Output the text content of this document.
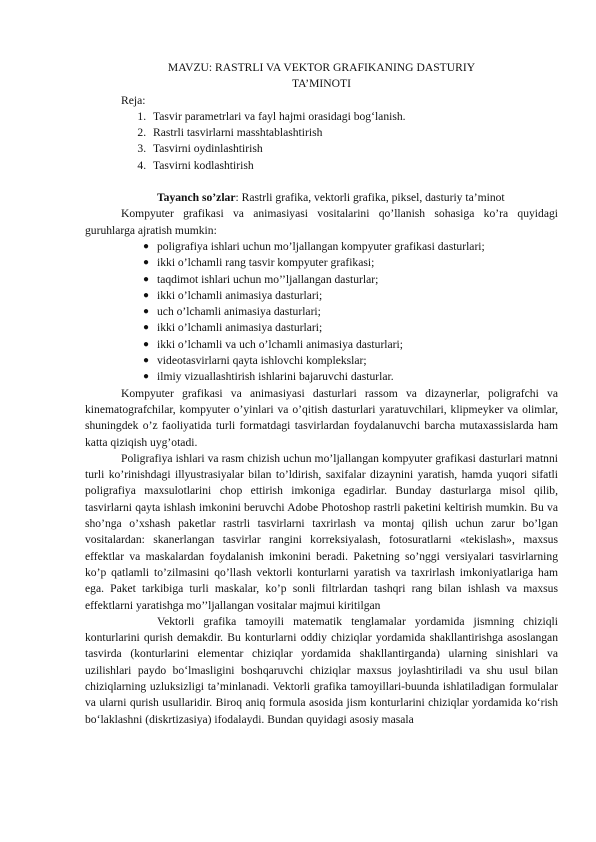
MAVZU: RASTRLI VA VEKTOR GRAFIKANING DASTURIY

TA’MINOTI

Reja:
1. Tasvir parametrlari va fayl hajmi orasidagi bog‘lanish.
2. Rastrli tasvirlarni masshtablashtirish
3. Tasvirni oydinlashtirish
4. Tasvirni kodlashtirish

Tayanch so’zlar: Rastrli grafika, vektorli grafika, piksel, dasturiy ta’minot

Kompyuter grafikasi va animasiyasi vositalarini qo’llanish sohasiga ko’ra quyidagi guruhlarga ajratish mumkin:

● poligrafiya ishlari uchun mo’ljallangan kompyuter grafikasi dasturlari;
● ikki o’lchamli rang tasvir kompyuter grafikasi;
● taqdimot ishlari uchun mo’’ljallangan dasturlar;
● ikki o’lchamli animasiya dasturlari;
● uch o’lchamli animasiya dasturlari;
● ikki o’lchamli animasiya dasturlari;
● ikki o’lchamli va uch o’lchamli animasiya dasturlari;
● videotasvirlarni qayta ishlovchi komplekslar;
● ilmiy vizuallashtirish ishlarini bajaruvchi dasturlar.

Kompyuter grafikasi va animasiyasi dasturlari rassom va dizaynerlar, poligrafchi va kinematografchilar, kompyuter o’yinlari va o’qitish dasturlari yaratuvchilari, klipmeyker va olimlar, shuningdek o’z faoliyatida turli formatdagi tasvirlardan foydalanuvchi barcha mutaxassislarda ham katta qiziqish uyg’otadi.

Poligrafiya ishlari va rasm chizish uchun mo’ljallangan kompyuter grafikasi dasturlari matnni turli ko’rinishdagi illyustrasiyalar bilan to’ldirish, saxifalar dizaynini yaratish, hamda yuqori sifatli poligrafiya maxsulotlarini chop ettirish imkoniga egadirlar. Bunday dasturlarga misol qilib, tasvirlarni qayta ishlash imkonini beruvchi Adobe Photoshop rastrli paketini keltirish mumkin. Bu va sho’nga o’xshash paketlar rastrli tasvirlarni taxrirlash va montaj qilish uchun zarur bo’lgan vositalardan: skanerlangan tasvirlar rangini korreksiyalash, fotosuratlarni «tekislash», maxsus effektlar va maskalardan foydalanish imkonini beradi. Paketning so’nggi versiyalari tasvirlarning ko’p qatlamli to’zilmasini qo’llash vektorli konturlarni yaratish va taxrirlash imkoniyatlariga ham ega. Paket tarkibiga turli maskalar, ko’p sonli filtrlardan tashqri rang bilan ishlash va maxsus effektlarni yaratishga mo’’ljallangan vositalar majmui kiritilgan

Vektorli grafika tamoyili matematik tenglamalar yordamida jismning chiziqli konturlarini qurish demakdir. Bu konturlarni oddiy chiziqlar yordamida shakllantirishga asoslangan tasvirda (konturlarini elementar chiziqlar yordamida shakllantirganda) ularning sinishlari va uzilishlari paydo bo‘lmasligini boshqaruvchi chiziqlar maxsus joylashtiriladi va shu usul bilan chiziqlarning uzluksizligi ta’minlanadi. Vektorli grafika tamoyillari-buunda ishlatiladigan formulalar va ularni qurish usullaridir. Biroq aniq formula asosida jism konturlarini chiziqlar yordamida ko‘rish bo‘laklashni (diskrtizasiya) ifodalaydi. Bundan quyidagi asosiy masala
